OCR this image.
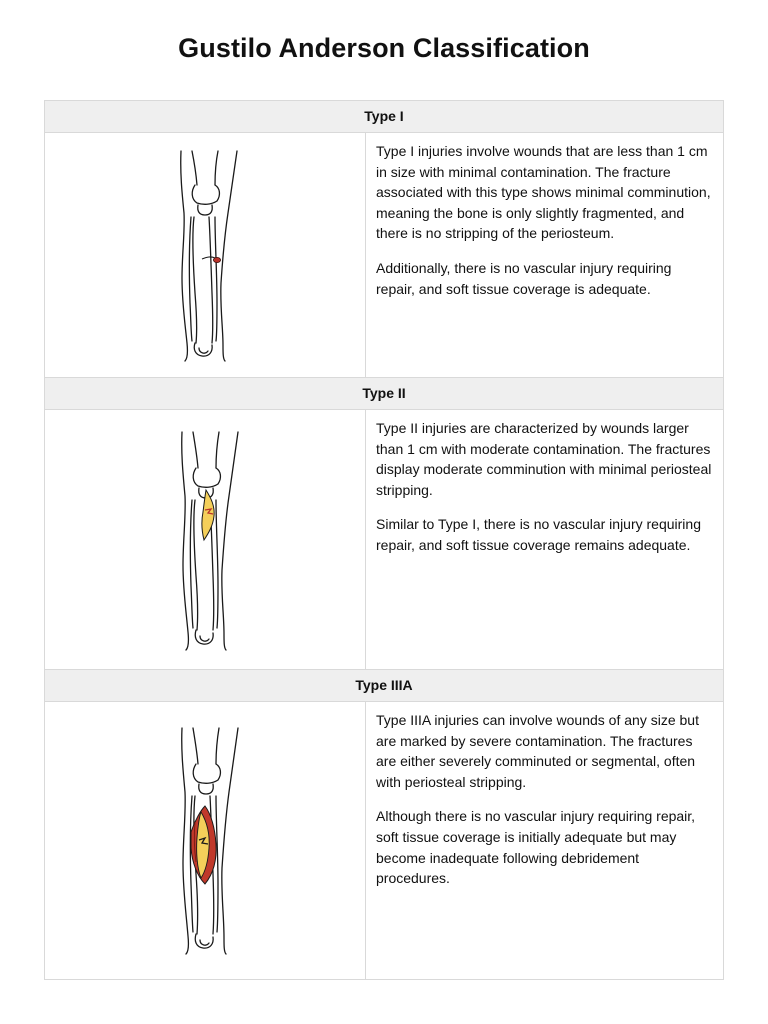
Gustilo Anderson Classification
Type I

Type I injuries involve wounds that are less than 1 cm in size with minimal contamination. The fracture associated with this type shows minimal comminution, meaning the bone is only slightly fragmented, and there is no stripping of the periosteum.

Additionally, there is no vascular injury requiring repair, and soft tissue coverage is adequate.

Type II

Type II injuries are characterized by wounds larger than 1 cm with moderate contamination. The fractures display moderate comminution with minimal periosteal stripping.

Similar to Type I, there is no vascular injury requiring repair, and soft tissue coverage remains adequate.

Type IIIA

Type IIIA injuries can involve wounds of any size but are marked by severe contamination. The fractures are either severely comminuted or segmental, often with periosteal stripping.

Although there is no vascular injury requiring repair, soft tissue coverage is initially adequate but may become inadequate following debridement procedures.
